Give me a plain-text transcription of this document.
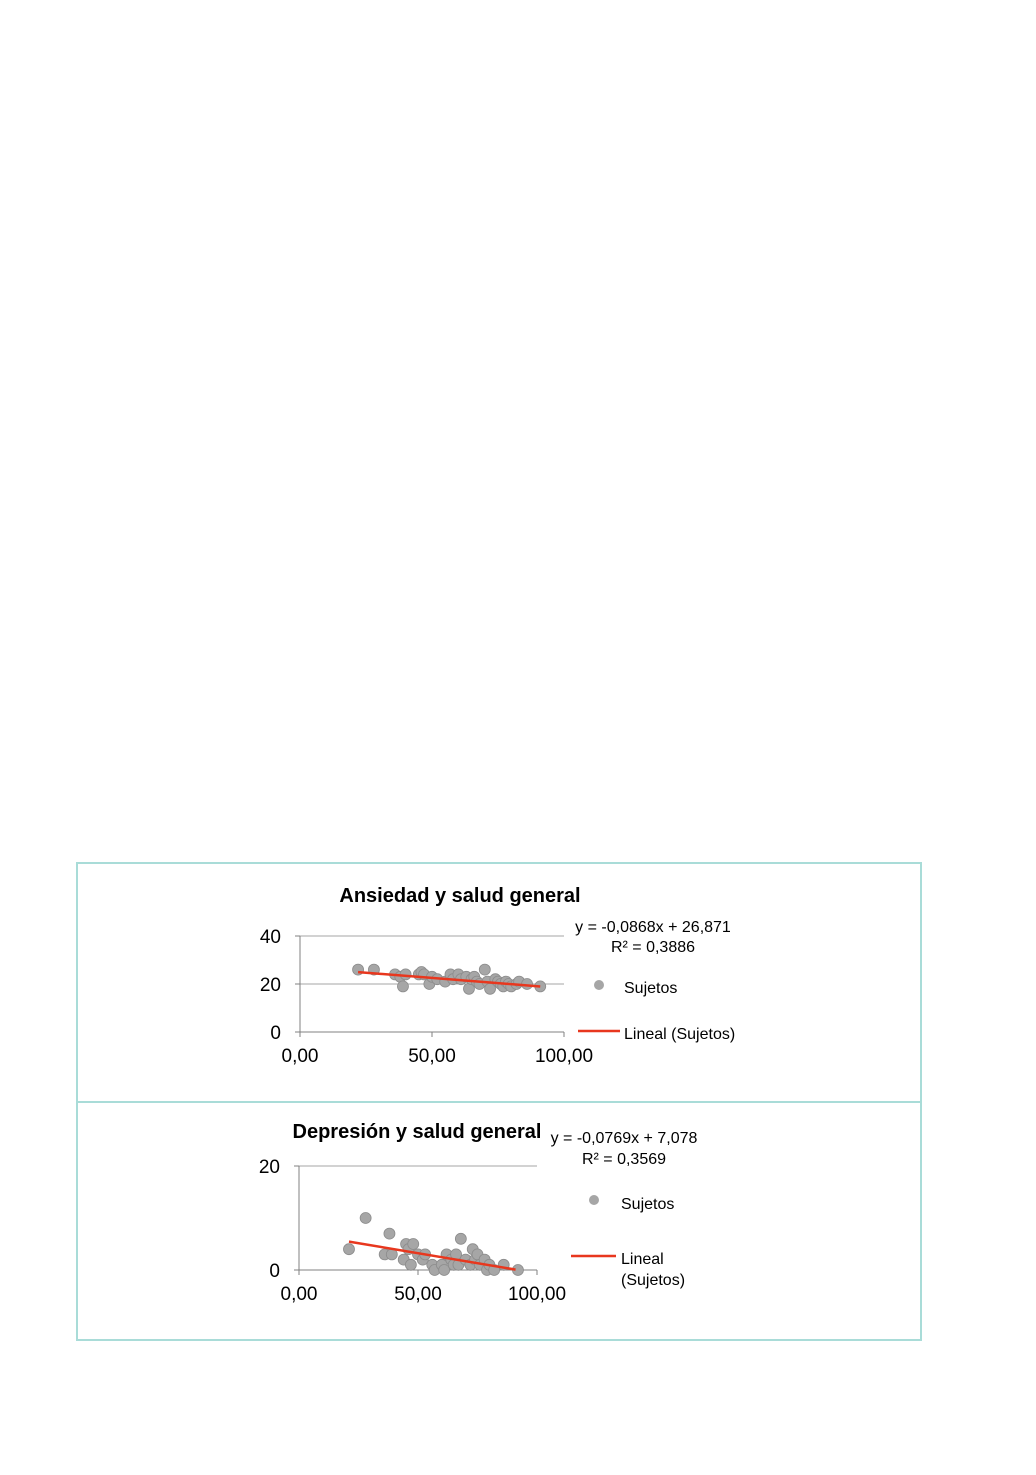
Ansiedad y salud general
0
20
40
0,00	50,00	100,00
y = -0,0868x + 26,871
R² = 0,3886
Sujetos
Lineal (Sujetos)
Depresión y salud general
0
20
0,00	50,00	100,00
y = -0,0769x + 7,078
R² = 0,3569
Sujetos
Lineal
(Sujetos)
